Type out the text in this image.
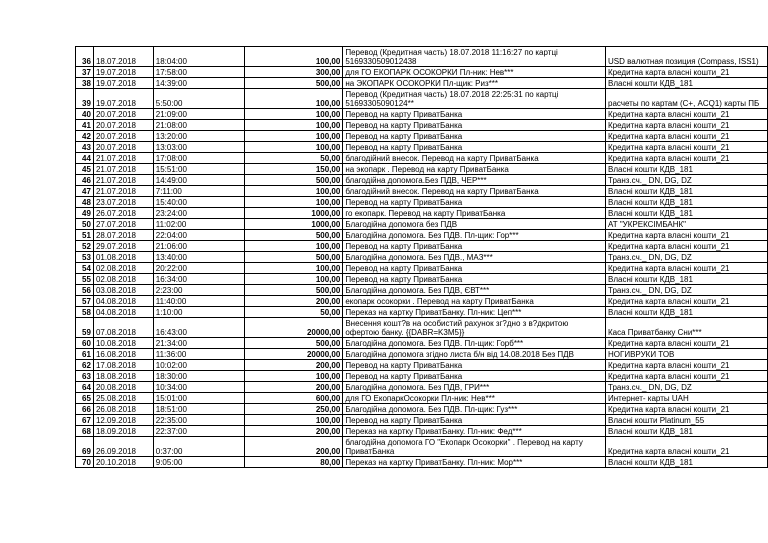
36	18.07.2018	18:04:00	100,00	Перевод (Кредитная часть) 18.07.2018 11:16:27 по картці 5169330509012438	USD валютная позиция (Compass, ISS1)
37	19.07.2018	17:58:00	300,00	для ГО ЕКОПАРК ОСОКОРКИ Пл-ник: Нев***	Кредитна карта власні кошти_21
38	19.07.2018	14:39:00	500,00	на ЭКОПАРК ОСОКОРКИ Пл-щик: Риз***	Власні кошти КДВ_181
39	19.07.2018	5:50:00	100,00	Перевод (Кредитная часть) 18.07.2018 22:25:31 по картці 51693305090124**	расчеты по картам (С+, ACQ1) карты ПБ
40	20.07.2018	21:09:00	100,00	Перевод на карту ПриватБанка	Кредитна карта власні кошти_21
41	20.07.2018	21:08:00	100,00	Перевод на карту ПриватБанка	Кредитна карта власні кошти_21
42	20.07.2018	13:20:00	100,00	Перевод на карту ПриватБанка	Кредитна карта власні кошти_21
43	20.07.2018	13:03:00	100,00	Перевод на карту ПриватБанка	Кредитна карта власні кошти_21
44	21.07.2018	17:08:00	50,00	благодійний внесок. Перевод на карту ПриватБанка	Кредитна карта власні кошти_21
45	21.07.2018	15:51:00	150,00	на экопарк . Перевод на карту ПриватБанка	Власні кошти КДВ_181
46	21.07.2018	14:49:00	500,00	благодійна допомога.Без ПДВ, ЧЕР***	Транз.сч._ DN, DG, DZ
47	21.07.2018	7:11:00	100,00	благодійний внесок. Перевод на карту ПриватБанка	Власні кошти КДВ_181
48	23.07.2018	15:40:00	100,00	Перевод на карту ПриватБанка	Власні кошти КДВ_181
49	26.07.2018	23:24:00	1000,00	го екопарк. Перевод на карту ПриватБанка	Власні кошти КДВ_181
50	27.07.2018	11:02:00	1000,00	Благодійна допомога без ПДВ	АТ "УКРЕКСІМБАНК"
51	28.07.2018	22:04:00	500,00	Благодійна допомога. Без ПДВ. Пл-щик: Гор***	Кредитна карта власні кошти_21
52	29.07.2018	21:06:00	100,00	Перевод на карту ПриватБанка	Кредитна карта власні кошти_21
53	01.08.2018	13:40:00	500,00	Благодійна допомога. Без ПДВ., МАЗ***	Транз.сч._ DN, DG, DZ
54	02.08.2018	20:22:00	100,00	Перевод на карту ПриватБанка	Кредитна карта власні кошти_21
55	02.08.2018	16:34:00	100,00	Перевод на карту ПриватБанка	Власні кошти КДВ_181
56	03.08.2018	2:23:00	500,00	Благодійна допомога. Без ПДВ, ЄВТ***	Транз.сч._ DN, DG, DZ
57	04.08.2018	11:40:00	200,00	екопарк осокорки . Перевод на карту ПриватБанка	Кредитна карта власні кошти_21
58	04.08.2018	1:10:00	50,00	Переказ на картку ПриватБанку. Пл-ник: Цеп***	Власні кошти КДВ_181
59	07.08.2018	16:43:00	20000,00	Внесення кошт?в на особистий рахунок зг?дно з в?дкритою офертою банку. {{DABR=K3M5}}	Каса Приватбанку Сни***
60	10.08.2018	21:34:00	500,00	Благодійна допомога. Без ПДВ. Пл-щик: Горб***	Кредитна карта власні кошти_21
61	16.08.2018	11:36:00	20000,00	Благодійна допомога згідно листа б/н від 14.08.2018 Без ПДВ	НОГИВРУКИ ТОВ
62	17.08.2018	10:02:00	200,00	Перевод на карту ПриватБанка	Кредитна карта власні кошти_21
63	18.08.2018	18:30:00	100,00	Перевод на карту ПриватБанка	Кредитна карта власні кошти_21
64	20.08.2018	10:34:00	200,00	Благодійна допомога. Без ПДВ, ГРИ***	Транз.сч._ DN, DG, DZ
65	25.08.2018	15:01:00	600,00	для ГО ЕкопаркОсокорки Пл-ник: Нев***	Интернет- карты UAH
66	26.08.2018	18:51:00	250,00	Благодійна допомога. Без ПДВ. Пл-щик: Гуз***	Кредитна карта власні кошти_21
67	12.09.2018	22:35:00	100,00	Перевод на карту ПриватБанка	Власні кошти Platinum_55
68	18.09.2018	22:37:00	200,00	Переказ на картку ПриватБанку. Пл-ник: Фед***	Власні кошти КДВ_181
69	26.09.2018	0:37:00	200,00	благодійна допомога ГО "Екопарк Осокорки" . Перевод на карту ПриватБанка	Кредитна карта власні кошти_21
70	20.10.2018	9:05:00	80,00	Переказ на картку ПриватБанку. Пл-ник: Мор***	Власні кошти КДВ_181
